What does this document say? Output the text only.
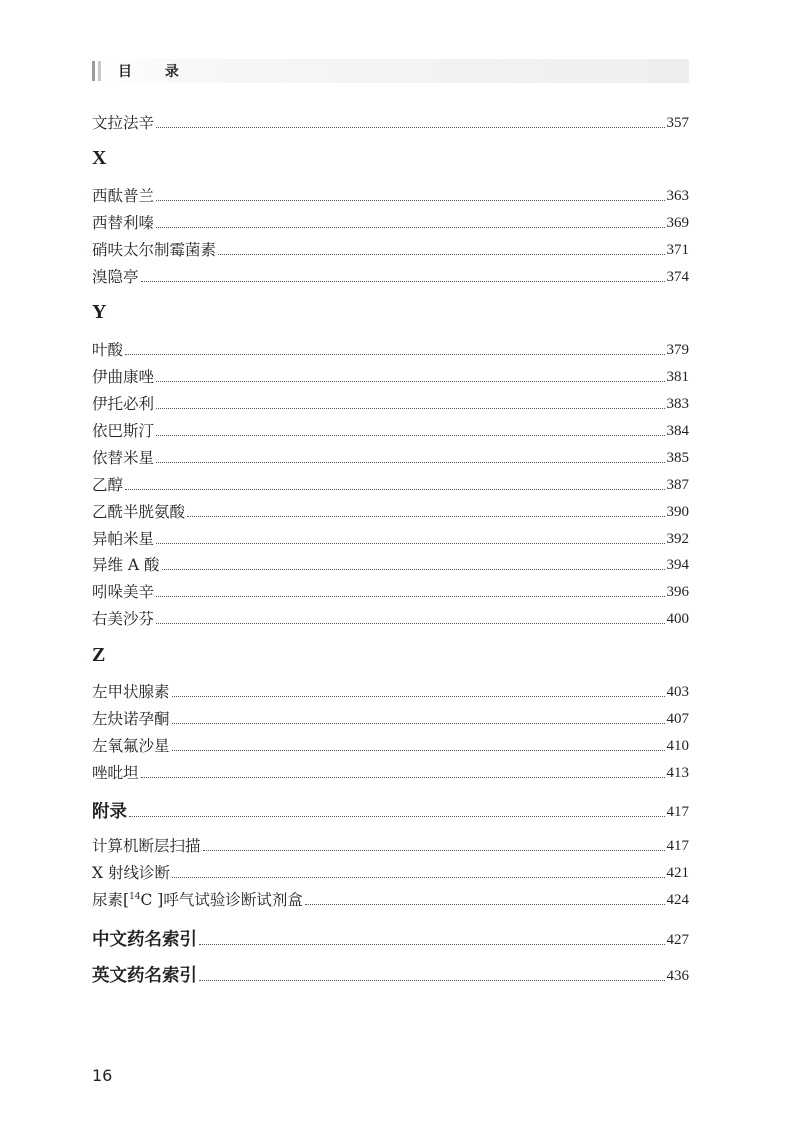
目 录
文拉法辛	357
X
西酞普兰	363
西替利嗪	369
硝呋太尔制霉菌素	371
溴隐亭	374
Y
叶酸	379
伊曲康唑	381
伊托必利	383
依巴斯汀	384
依替米星	385
乙醇	387
乙酰半胱氨酸	390
异帕米星	392
异维 A 酸	394
吲哚美辛	396
右美沙芬	400
Z
左甲状腺素	403
左炔诺孕酮	407
左氧氟沙星	410
唑吡坦	413
附录	417
计算机断层扫描	417
X 射线诊断	421
尿素[$^{14}$C ]呼气试验诊断试剂盒	424
中文药名索引	427
英文药名索引	436
16
